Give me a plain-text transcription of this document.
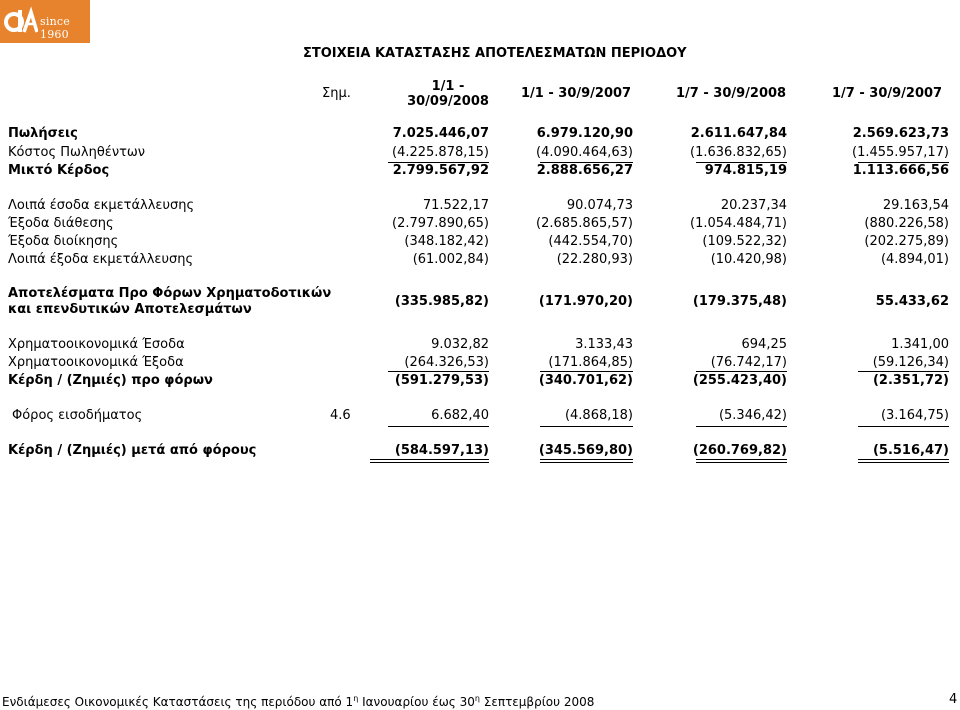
since 1960
ΣΤΟΙΧΕΙΑ ΚΑΤΑΣΤΑΣΗΣ ΑΠΟΤΕΛΕΣΜΑΤΩΝ ΠΕΡΙΟΔΟΥ
Σημ.	1/1 -
30/09/2008
1/1 - 30/9/2007	1/7 - 30/9/2008	1/7 - 30/9/2007
Πωλήσεις	7.025.446,07	6.979.120,90	2.611.647,84	2.569.623,73
Κόστος Πωληθέντων	(4.225.878,15)	(4.090.464,63)	(1.636.832,65)	(1.455.957,17)
Μικτό Κέρδος	2.799.567,92	2.888.656,27	974.815,19	1.113.666,56
Λοιπά έσοδα εκμετάλλευσης	71.522,17	90.074,73	20.237,34	29.163,54
Έξοδα διάθεσης	(2.797.890,65)	(2.685.865,57)	(1.054.484,71)	(880.226,58)
Έξοδα διοίκησης	(348.182,42)	(442.554,70)	(109.522,32)	(202.275,89)
Λοιπά έξοδα εκμετάλλευσης	(61.002,84)	(22.280,93)	(10.420,98)	(4.894,01)
Αποτελέσματα Προ Φόρων Χρηματοδοτικών
και επενδυτικών Αποτελεσμάτων
(335.985,82)	(171.970,20)	(179.375,48)	55.433,62
Χρηματοοικονομικά Έσοδα	9.032,82	3.133,43	694,25	1.341,00
Χρηματοοικονομικά Έξοδα	(264.326,53)	(171.864,85)	(76.742,17)	(59.126,34)
Κέρδη / (Ζημιές) προ φόρων	(591.279,53)	(340.701,62)	(255.423,40)	(2.351,72)
Φόρος εισοδήματος	4.6	6.682,40	(4.868,18)	(5.346,42)	(3.164,75)
Κέρδη / (Ζημιές) μετά από φόρους	(584.597,13)	(345.569,80)	(260.769,82)	(5.516,47)
Ενδιάμεσες Οικονομικές Καταστάσεις της περιόδου από $1^\eta$ Ιανουαρίου έως $30^\eta$ Σεπτεμβρίου 2008	4
